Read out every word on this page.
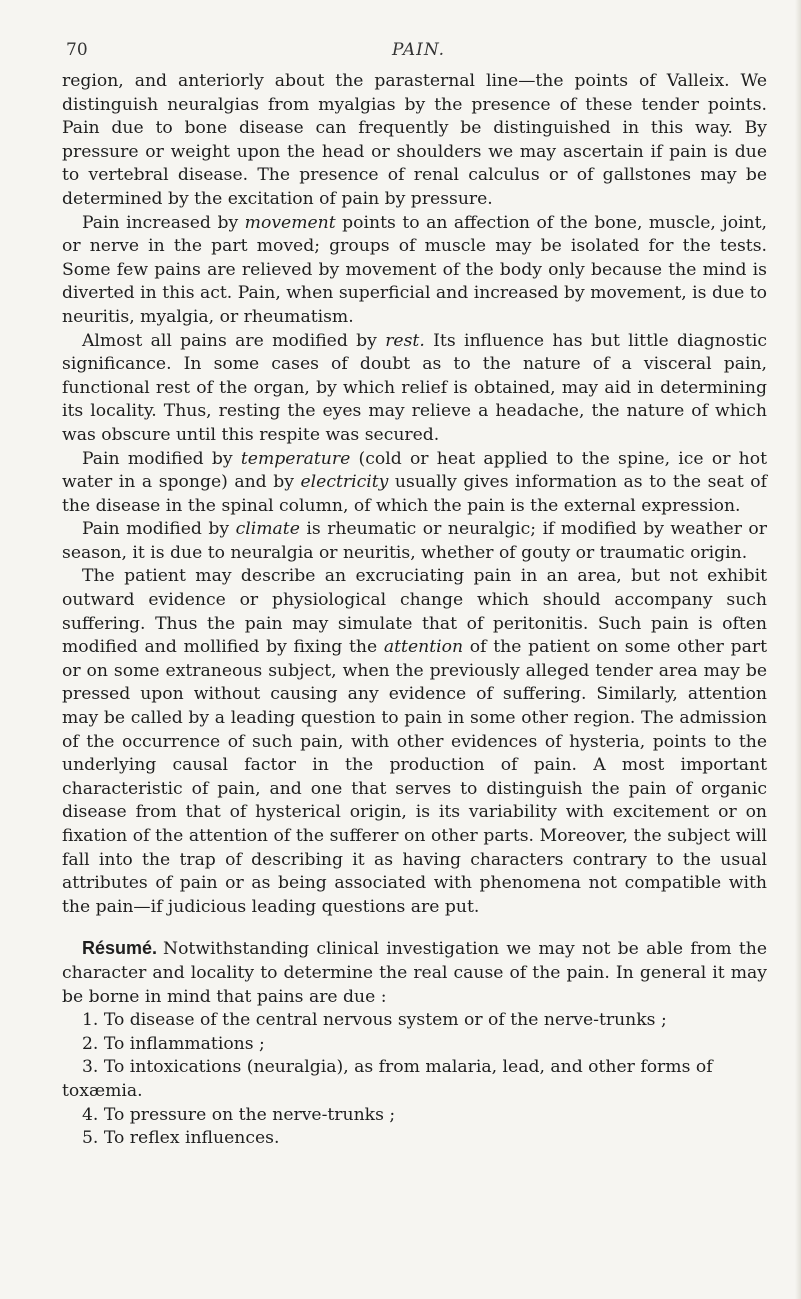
70	PAIN.

region, and anteriorly about the parasternal line—the points of Valleix. We distinguish neuralgias from myalgias by the presence of these tender points. Pain due to bone disease can frequently be distinguished in this way. By pressure or weight upon the head or shoulders we may ascertain if pain is due to vertebral disease. The presence of renal calculus or of gallstones may be determined by the excitation of pain by pressure.

Pain increased by movement points to an affection of the bone, muscle, joint, or nerve in the part moved; groups of muscle may be isolated for the tests. Some few pains are relieved by movement of the body only because the mind is diverted in this act. Pain, when superficial and increased by movement, is due to neuritis, myalgia, or rheumatism.

Almost all pains are modified by rest. Its influence has but little diagnostic significance. In some cases of doubt as to the nature of a visceral pain, functional rest of the organ, by which relief is obtained, may aid in determining its locality. Thus, resting the eyes may relieve a headache, the nature of which was obscure until this respite was secured.

Pain modified by temperature (cold or heat applied to the spine, ice or hot water in a sponge) and by electricity usually gives information as to the seat of the disease in the spinal column, of which the pain is the external expression.

Pain modified by climate is rheumatic or neuralgic; if modified by weather or season, it is due to neuralgia or neuritis, whether of gouty or traumatic origin.

The patient may describe an excruciating pain in an area, but not exhibit outward evidence or physiological change which should accompany such suffering. Thus the pain may simulate that of peritonitis. Such pain is often modified and mollified by fixing the attention of the patient on some other part or on some extraneous subject, when the previously alleged tender area may be pressed upon without causing any evidence of suffering. Similarly, attention may be called by a leading question to pain in some other region. The admission of the occurrence of such pain, with other evidences of hysteria, points to the underlying causal factor in the production of pain. A most important characteristic of pain, and one that serves to distinguish the pain of organic disease from that of hysterical origin, is its variability with excitement or on fixation of the attention of the sufferer on other parts. Moreover, the subject will fall into the trap of describing it as having characters contrary to the usual attributes of pain or as being associated with phenomena not compatible with the pain—if judicious leading questions are put.

Résumé. Notwithstanding clinical investigation we may not be able from the character and locality to determine the real cause of the pain. In general it may be borne in mind that pains are due :

1. To disease of the central nervous system or of the nerve-trunks ;
2. To inflammations ;
3. To intoxications (neuralgia), as from malaria, lead, and other forms of toxæmia.
4. To pressure on the nerve-trunks ;
5. To reflex influences.
